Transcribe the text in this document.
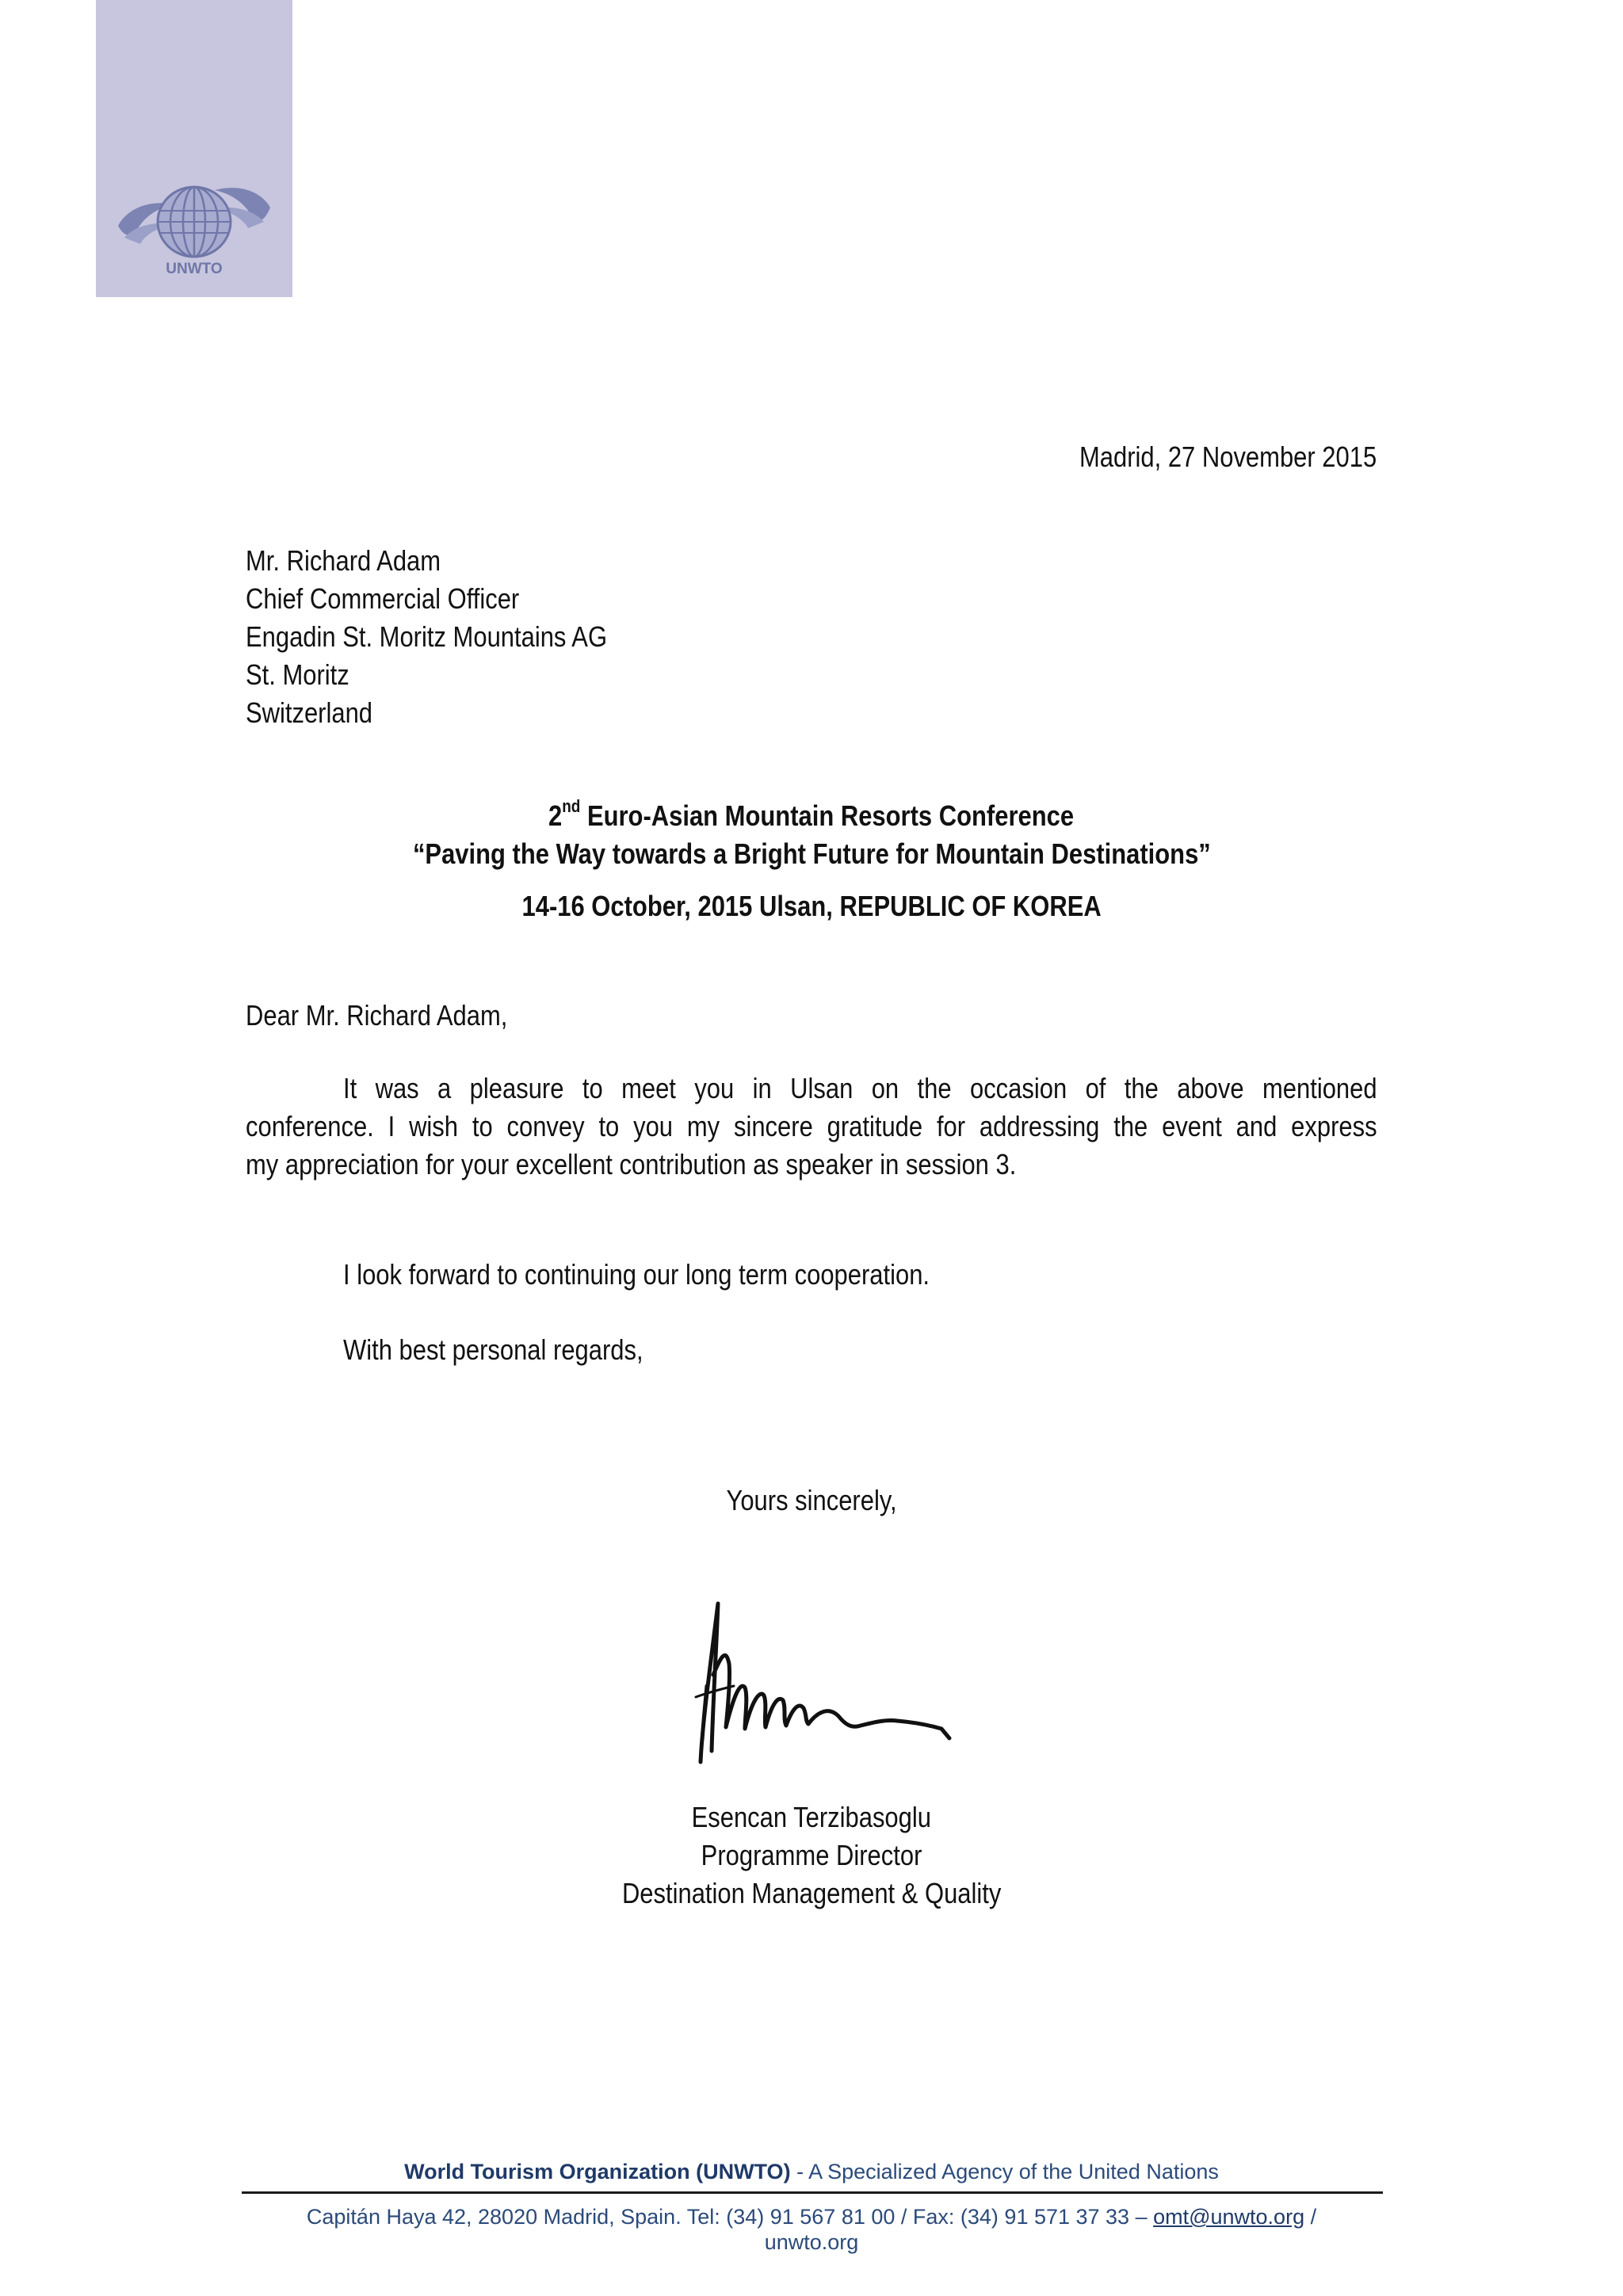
UNWTO
Madrid, 27 November 2015
Mr. Richard Adam
Chief Commercial Officer
Engadin St. Moritz Mountains AG
St. Moritz
Switzerland
2nd Euro-Asian Mountain Resorts Conference
“Paving the Way towards a Bright Future for Mountain Destinations”
14-16 October, 2015 Ulsan, REPUBLIC OF KOREA
Dear Mr. Richard Adam,
It was a pleasure to meet you in Ulsan on the occasion of the above mentioned
conference. I wish to convey to you my sincere gratitude for addressing the event and express
my appreciation for your excellent contribution as speaker in session 3.
I look forward to continuing our long term cooperation.
With best personal regards,
Yours sincerely,
Esencan Terzibasoglu
Programme Director
Destination Management & Quality
World Tourism Organization (UNWTO) - A Specialized Agency of the United Nations
Capitán Haya 42, 28020 Madrid, Spain. Tel: (34) 91 567 81 00 / Fax: (34) 91 571 37 33 – omt@unwto.org /
unwto.org
